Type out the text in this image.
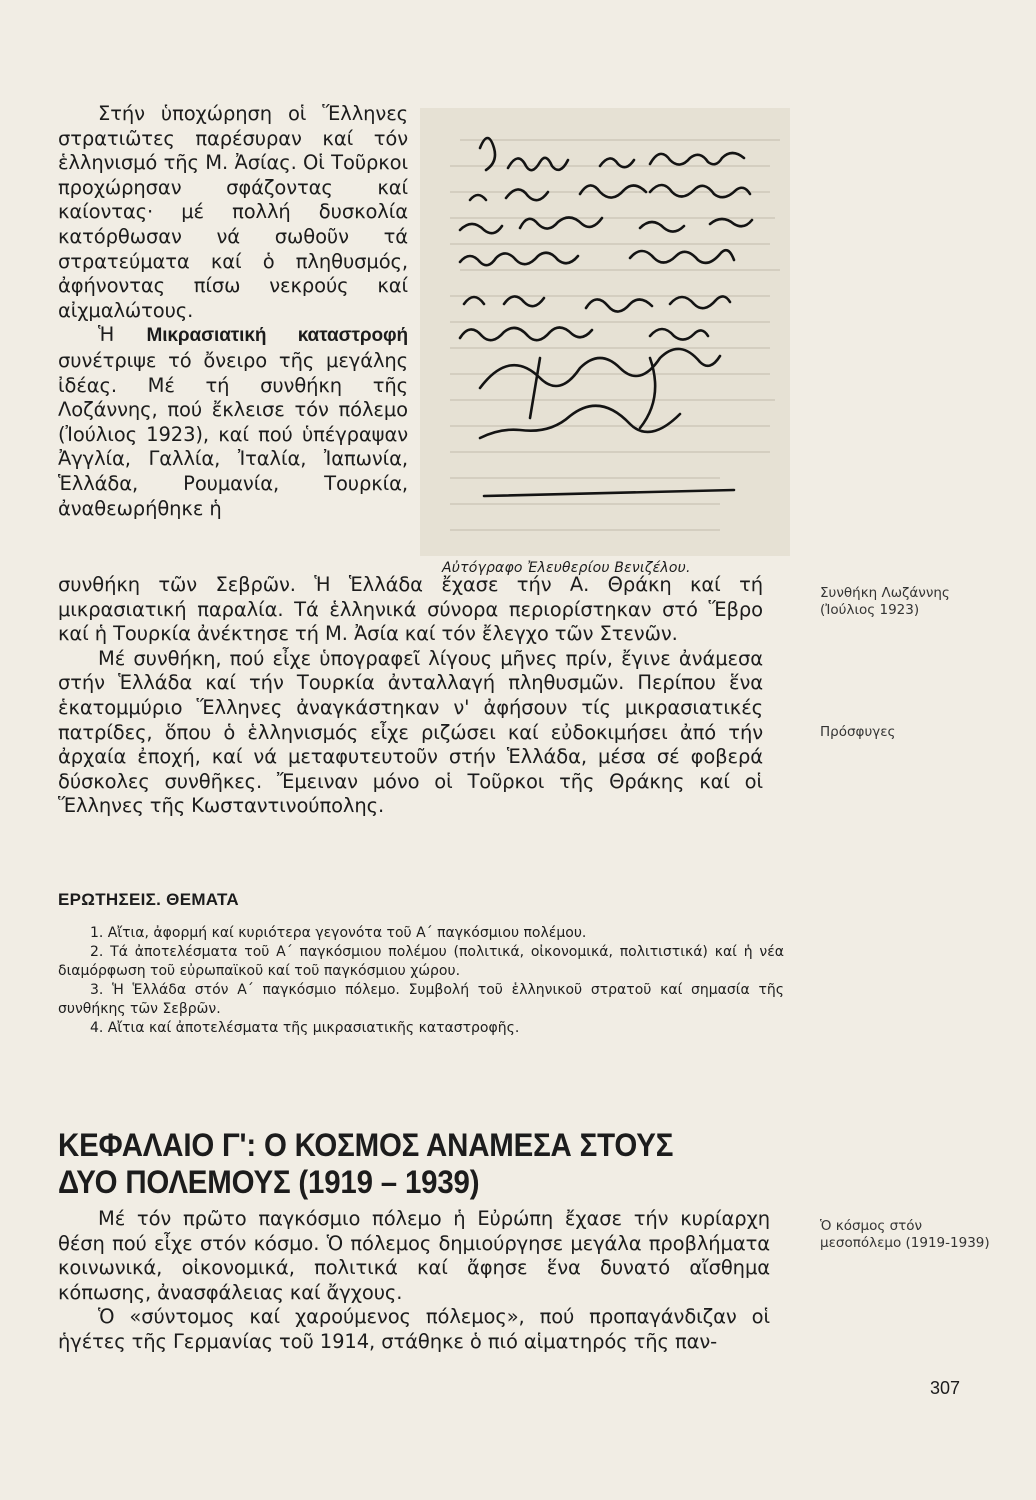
Στήν ὑποχώρηση οἱ Ἕλληνες στρατιῶτες παρέσυραν καί τόν ἑλληνισμό τῆς Μ. Ἀσίας. Οἱ Τοῦρκοι προχώρησαν σφάζοντας καί καίοντας· μέ πολλή δυσκολία κατόρθωσαν νά σωθοῦν τά στρατεύματα καί ὁ πληθυσμός, ἀφήνοντας πίσω νεκρούς καί αἰχμαλώτους.

Ἡ Μικρασιατική καταστροφή συνέτριψε τό ὄνειρο τῆς μεγάλης ἰδέας. Μέ τή συνθήκη τῆς Λοζάννης, πού ἔκλεισε τόν πόλεμο (Ἰούλιος 1923), καί πού ὑπέγραψαν Ἀγγλία, Γαλλία, Ἰταλία, Ἰαπωνία, Ἑλλάδα, Ρουμανία, Τουρκία, ἀναθεωρήθηκε ἡ

Αὐτόγραφο Ἐλευθερίου Βενιζέλου.

συνθήκη τῶν Σεβρῶν. Ἡ Ἑλλάδα ἔχασε τήν Α. Θράκη καί τή μικρασιατική παραλία. Τά ἑλληνικά σύνορα περιορίστηκαν στό Ἕβρο καί ἡ Τουρκία ἀνέκτησε τή Μ. Ἀσία καί τόν ἔλεγχο τῶν Στενῶν.

Μέ συνθήκη, πού εἶχε ὑπογραφεῖ λίγους μῆνες πρίν, ἔγινε ἀνάμεσα στήν Ἑλλάδα καί τήν Τουρκία ἀνταλλαγή πληθυσμῶν. Περίπου ἕνα ἑκατομμύριο Ἕλληνες ἀναγκάστηκαν ν' ἀφήσουν τίς μικρασιατικές πατρίδες, ὅπου ὁ ἑλληνισμός εἶχε ριζώσει καί εὐδοκιμήσει ἀπό τήν ἀρχαία ἐποχή, καί νά μεταφυτευτοῦν στήν Ἑλλάδα, μέσα σέ φοβερά δύσκολες συνθῆκες. Ἔμειναν μόνο οἱ Τοῦρκοι τῆς Θράκης καί οἱ Ἕλληνες τῆς Κωσταντινούπολης.

Συνθήκη Λωζάννης (Ἰούλιος 1923)
Πρόσφυγες
Ὁ κόσμος στόν μεσοπόλεμο (1919-1939)
ΕΡΩΤΗΣΕΙΣ. ΘΕΜΑΤΑ

1. Αἴτια, ἀφορμή καί κυριότερα γεγονότα τοῦ Α΄ παγκόσμιου πολέμου.

2. Τά ἀποτελέσματα τοῦ Α΄ παγκόσμιου πολέμου (πολιτικά, οἰκονομικά, πολιτιστικά) καί ἡ νέα διαμόρφωση τοῦ εὐρωπαϊκοῦ καί τοῦ παγκόσμιου χώρου.

3. Ἡ Ἑλλάδα στόν Α΄ παγκόσμιο πόλεμο. Συμβολή τοῦ ἑλληνικοῦ στρατοῦ καί σημασία τῆς συνθήκης τῶν Σεβρῶν.

4. Αἴτια καί ἀποτελέσματα τῆς μικρασιατικῆς καταστροφῆς.

ΚΕΦΑΛΑΙΟ Γ': Ο ΚΟΣΜΟΣ ΑΝΑΜΕΣΑ ΣΤΟΥΣ ΔΥΟ ΠΟΛΕΜΟΥΣ (1919 – 1939)

Μέ τόν πρῶτο παγκόσμιο πόλεμο ἡ Εὐρώπη ἔχασε τήν κυρίαρχη θέση πού εἶχε στόν κόσμο. Ὁ πόλεμος δημιούργησε μεγάλα προβλήματα κοινωνικά, οἰκονομικά, πολιτικά καί ἄφησε ἕνα δυνατό αἴσθημα κόπωσης, ἀνασφάλειας καί ἄγχους.

Ὁ «σύντομος καί χαρούμενος πόλεμος», πού προπαγάνδιζαν οἱ ἡγέτες τῆς Γερμανίας τοῦ 1914, στάθηκε ὁ πιό αἱματηρός τῆς παν-

307
